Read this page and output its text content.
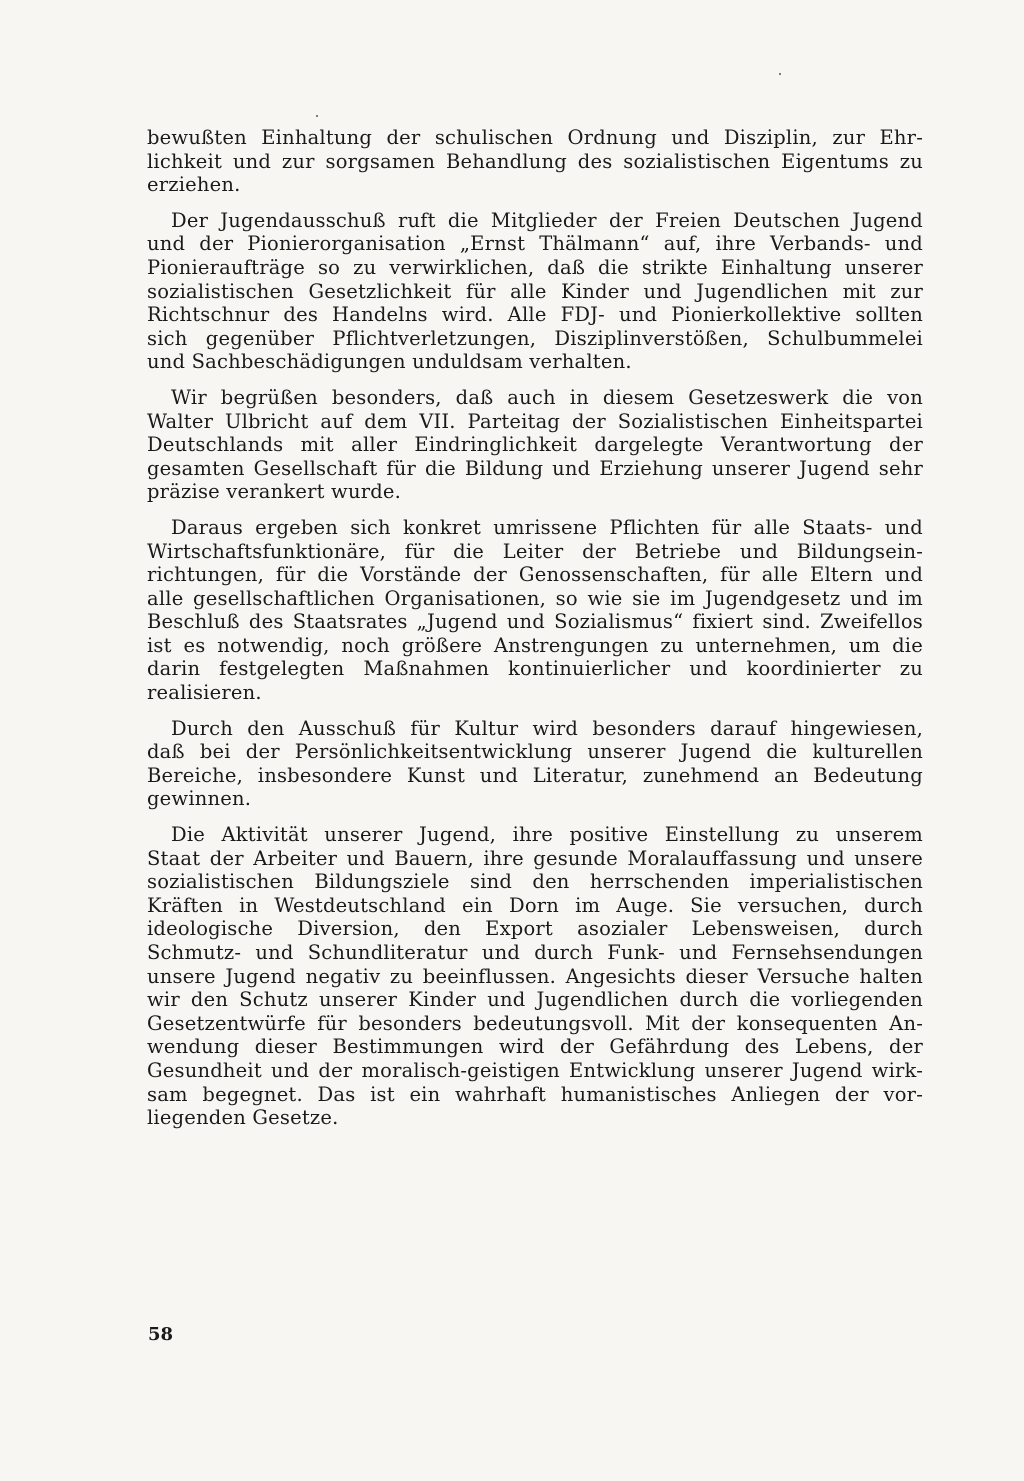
bewußten Einhaltung der schulischen Ordnung und Disziplin, zur Ehr-
lichkeit und zur sorgsamen Behandlung des sozialistischen Eigentums zu
erziehen.
Der Jugendausschuß ruft die Mitglieder der Freien Deutschen Jugend
und der Pionierorganisation „Ernst Thälmann“ auf, ihre Verbands- und
Pionieraufträge so zu verwirklichen, daß die strikte Einhaltung unserer
sozialistischen Gesetzlichkeit für alle Kinder und Jugendlichen mit zur
Richtschnur des Handelns wird. Alle FDJ- und Pionierkollektive sollten
sich gegenüber Pflichtverletzungen, Disziplinverstößen, Schulbummelei
und Sachbeschädigungen unduldsam verhalten.
Wir begrüßen besonders, daß auch in diesem Gesetzeswerk die von
Walter Ulbricht auf dem VII. Parteitag der Sozialistischen Einheitspartei
Deutschlands mit aller Eindringlichkeit dargelegte Verantwortung der
gesamten Gesellschaft für die Bildung und Erziehung unserer Jugend sehr
präzise verankert wurde.
Daraus ergeben sich konkret umrissene Pflichten für alle Staats- und
Wirtschaftsfunktionäre, für die Leiter der Betriebe und Bildungsein-
richtungen, für die Vorstände der Genossenschaften, für alle Eltern und
alle gesellschaftlichen Organisationen, so wie sie im Jugendgesetz und im
Beschluß des Staatsrates „Jugend und Sozialismus“ fixiert sind. Zweifellos
ist es notwendig, noch größere Anstrengungen zu unternehmen, um die
darin festgelegten Maßnahmen kontinuierlicher und koordinierter zu
realisieren.
Durch den Ausschuß für Kultur wird besonders darauf hingewiesen,
daß bei der Persönlichkeitsentwicklung unserer Jugend die kulturellen
Bereiche, insbesondere Kunst und Literatur, zunehmend an Bedeutung
gewinnen.
Die Aktivität unserer Jugend, ihre positive Einstellung zu unserem
Staat der Arbeiter und Bauern, ihre gesunde Moralauffassung und unsere
sozialistischen Bildungsziele sind den herrschenden imperialistischen
Kräften in Westdeutschland ein Dorn im Auge. Sie versuchen, durch
ideologische Diversion, den Export asozialer Lebensweisen, durch
Schmutz- und Schundliteratur und durch Funk- und Fernsehsendungen
unsere Jugend negativ zu beeinflussen. Angesichts dieser Versuche halten
wir den Schutz unserer Kinder und Jugendlichen durch die vorliegenden
Gesetzentwürfe für besonders bedeutungsvoll. Mit der konsequenten An-
wendung dieser Bestimmungen wird der Gefährdung des Lebens, der
Gesundheit und der moralisch-geistigen Entwicklung unserer Jugend wirk-
sam begegnet. Das ist ein wahrhaft humanistisches Anliegen der vor-
liegenden Gesetze.
58
